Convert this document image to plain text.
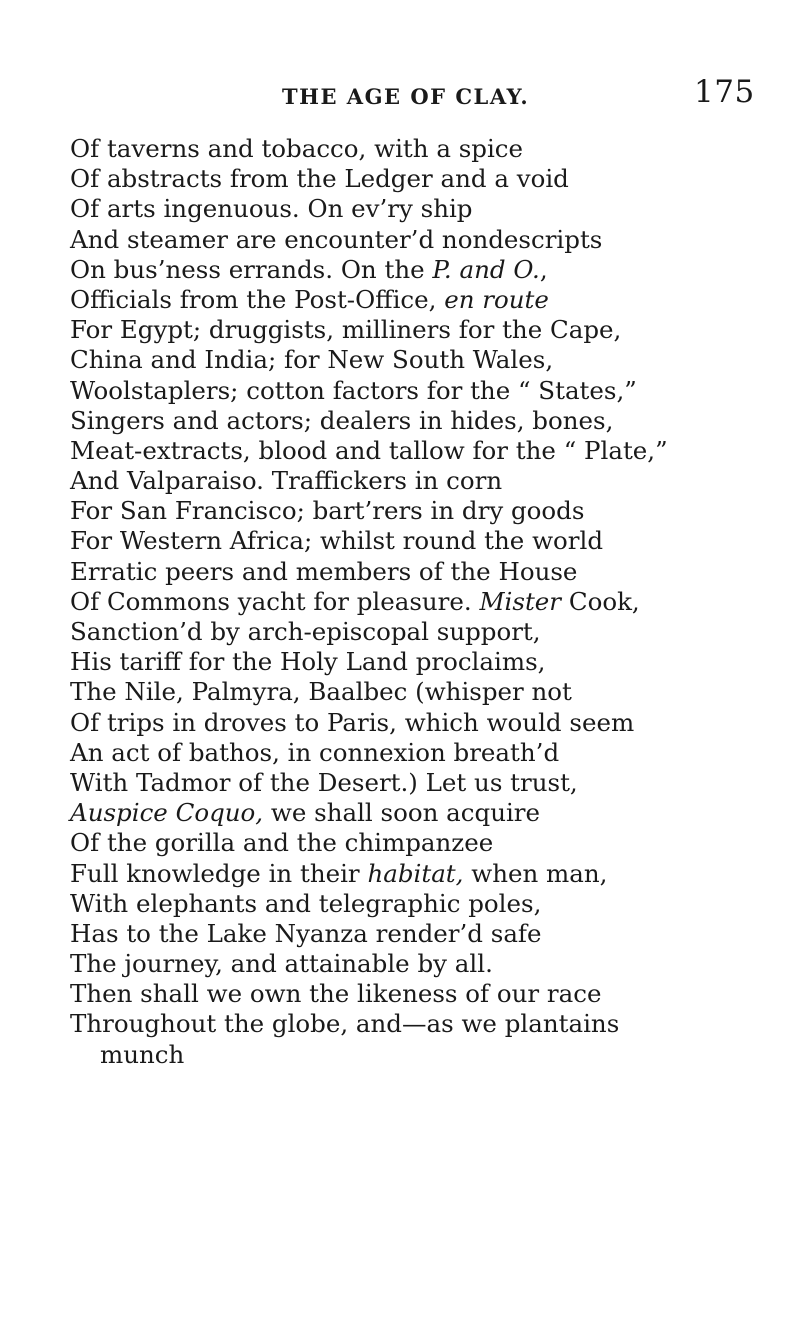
THE AGE OF CLAY.	175
Of taverns and tobacco, with a spice
Of abstracts from the Ledger and a void
Of arts ingenuous. On ev’ry ship
And steamer are encounter’d nondescripts
On bus’ness errands. On the P. and O.,
Officials from the Post-Office, en route
For Egypt; druggists, milliners for the Cape,
China and India; for New South Wales,
Woolstaplers; cotton factors for the “ States,”
Singers and actors; dealers in hides, bones,
Meat-extracts, blood and tallow for the “ Plate,”
And Valparaiso. Traffickers in corn
For San Francisco; bart’rers in dry goods
For Western Africa; whilst round the world
Erratic peers and members of the House
Of Commons yacht for pleasure. Mister Cook,
Sanction’d by arch-episcopal support,
His tariff for the Holy Land proclaims,
The Nile, Palmyra, Baalbec (whisper not
Of trips in droves to Paris, which would seem
An act of bathos, in connexion breath’d
With Tadmor of the Desert.) Let us trust,
Auspice Coquo, we shall soon acquire
Of the gorilla and the chimpanzee
Full knowledge in their habitat, when man,
With elephants and telegraphic poles,
Has to the Lake Nyanza render’d safe
The journey, and attainable by all.
Then shall we own the likeness of our race
Throughout the globe, and—as we plantains
munch
